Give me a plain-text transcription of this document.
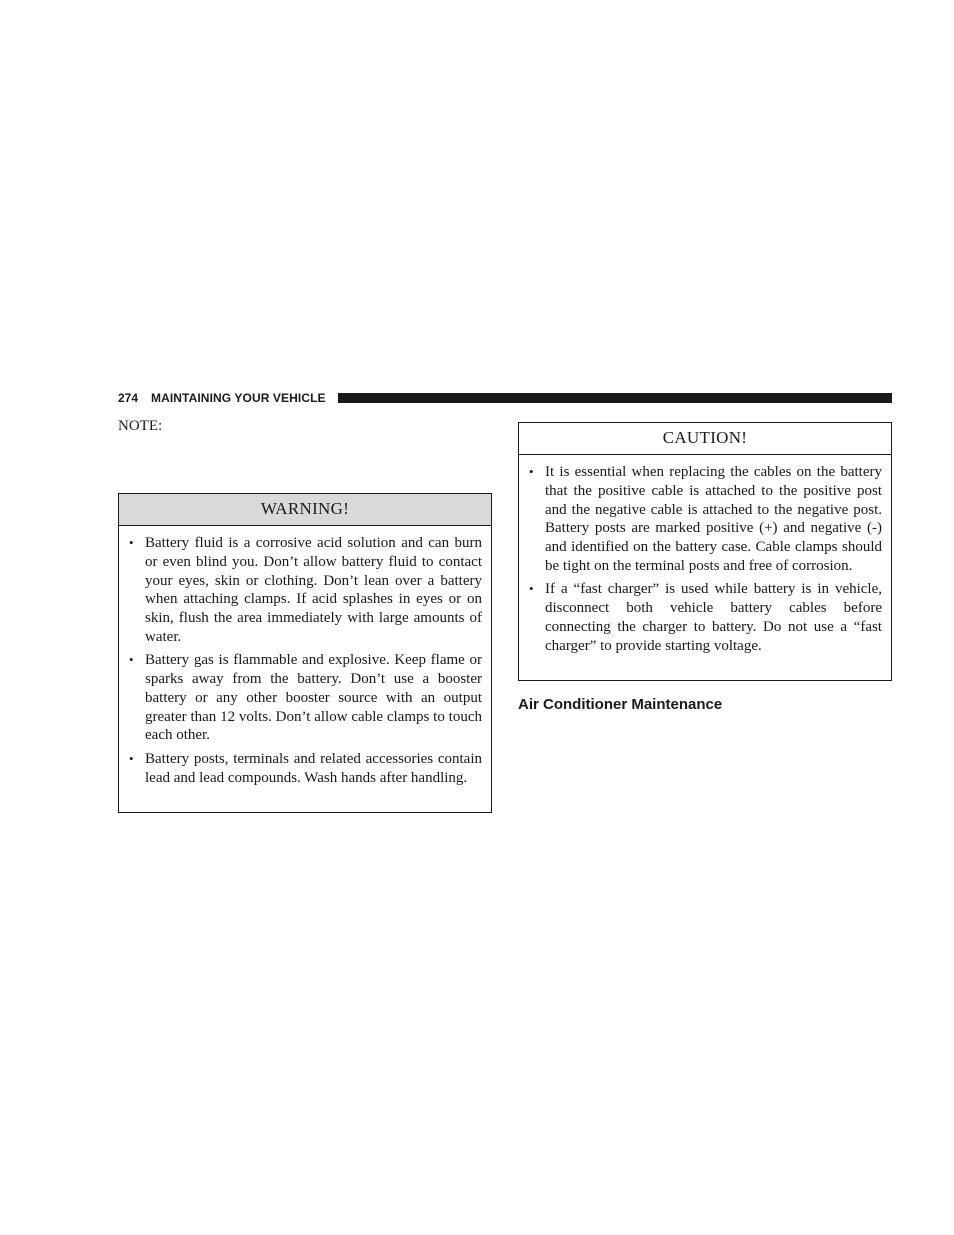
274 MAINTAINING YOUR VEHICLE
NOTE:
WARNING!
• Battery fluid is a corrosive acid solution and can burn or even blind you. Don’t allow battery fluid to contact your eyes, skin or clothing. Don’t lean over a battery when attaching clamps. If acid splashes in eyes or on skin, flush the area immediately with large amounts of water.
• Battery gas is flammable and explosive. Keep flame or sparks away from the battery. Don’t use a booster battery or any other booster source with an output greater than 12 volts. Don’t allow cable clamps to touch each other.
• Battery posts, terminals and related accessories contain lead and lead compounds. Wash hands after handling.
CAUTION!
• It is essential when replacing the cables on the battery that the positive cable is attached to the positive post and the negative cable is attached to the negative post. Battery posts are marked positive (+) and negative (-) and identified on the battery case. Cable clamps should be tight on the terminal posts and free of corrosion.
• If a “fast charger” is used while battery is in vehicle, disconnect both vehicle battery cables before connecting the charger to battery. Do not use a “fast charger” to provide starting voltage.
Air Conditioner Maintenance
